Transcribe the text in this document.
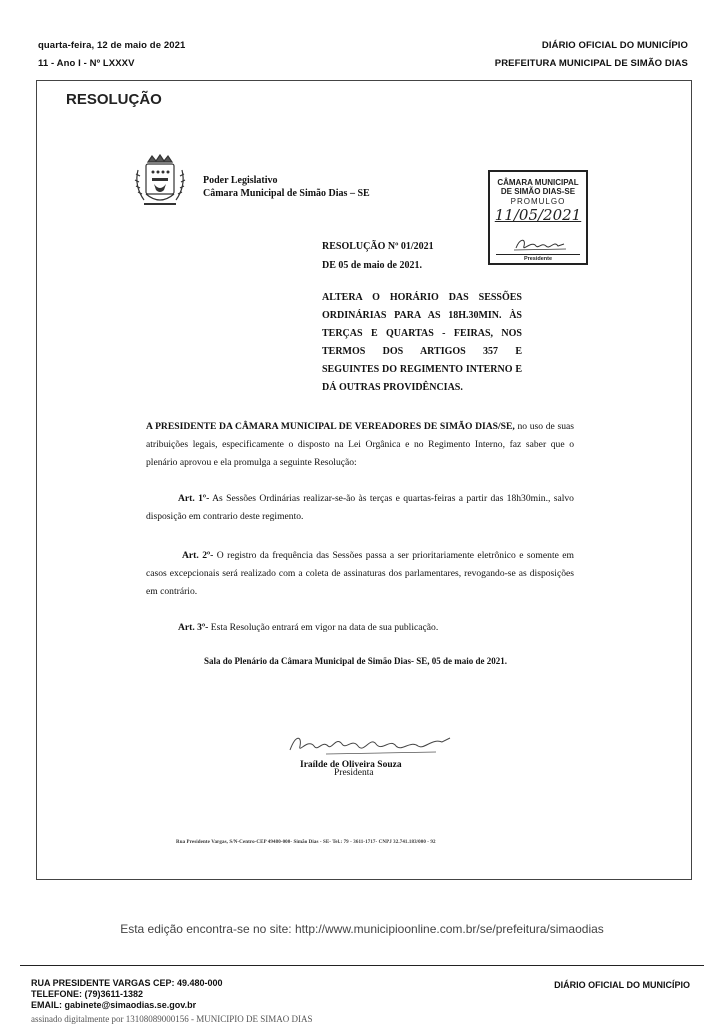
quarta-feira, 12 de maio de 2021
11 - Ano I - Nº LXXXV
DIÁRIO OFICIAL DO MUNICÍPIO
PREFEITURA MUNICIPAL DE SIMÃO DIAS
RESOLUÇÃO
Poder Legislativo
Câmara Municipal de Simão Dias – SE
CÂMARA MUNICIPAL
DE SIMÃO DIAS-SE
PROMULGO
11/05/2021
Presidente
RESOLUÇÃO Nº 01/2021
DE 05 de maio de 2021.
ALTERA O HORÁRIO DAS SESSÕES ORDINÁRIAS PARA AS 18H.30MIN. ÀS TERÇAS E QUARTAS - FEIRAS, NOS TERMOS DOS ARTIGOS 357 E SEGUINTES DO REGIMENTO INTERNO E DÁ OUTRAS PROVIDÊNCIAS.
A PRESIDENTE DA CÂMARA MUNICIPAL DE VEREADORES DE SIMÃO DIAS/SE, no uso de suas atribuições legais, especificamente o disposto na Lei Orgânica e no Regimento Interno, faz saber que o plenário aprovou e ela promulga a seguinte Resolução:
Art. 1º- As Sessões Ordinárias realizar-se-ão às terças e quartas-feiras a partir das 18h30min., salvo disposição em contrario deste regimento.
Art. 2º- O registro da frequência das Sessões passa a ser prioritariamente eletrônico e somente em casos excepcionais será realizado com a coleta de assinaturas dos parlamentares, revogando-se as disposições em contrário.
Art. 3º- Esta Resolução entrará em vigor na data de sua publicação.
Sala do Plenário da Câmara Municipal de Simão Dias- SE, 05 de maio de 2021.
Iraílde de Oliveira Souza
Presidenta
Rua Presidente Vargas, S/N-Centro-CEP 49480-000- Simão Dias - SE- Tel.: 79 - 3611-1717- CNPJ 32.741.183/000 - 92
Esta edição encontra-se no site: http://www.municipioonline.com.br/se/prefeitura/simaodias
RUA PRESIDENTE VARGAS CEP: 49.480-000
TELEFONE: (79)3611-1382
EMAIL: gabinete@simaodias.se.gov.br
DIÁRIO OFICIAL DO MUNICÍPIO
assinado digitalmente por 13108089000156 - MUNICIPIO DE SIMAO DIAS
